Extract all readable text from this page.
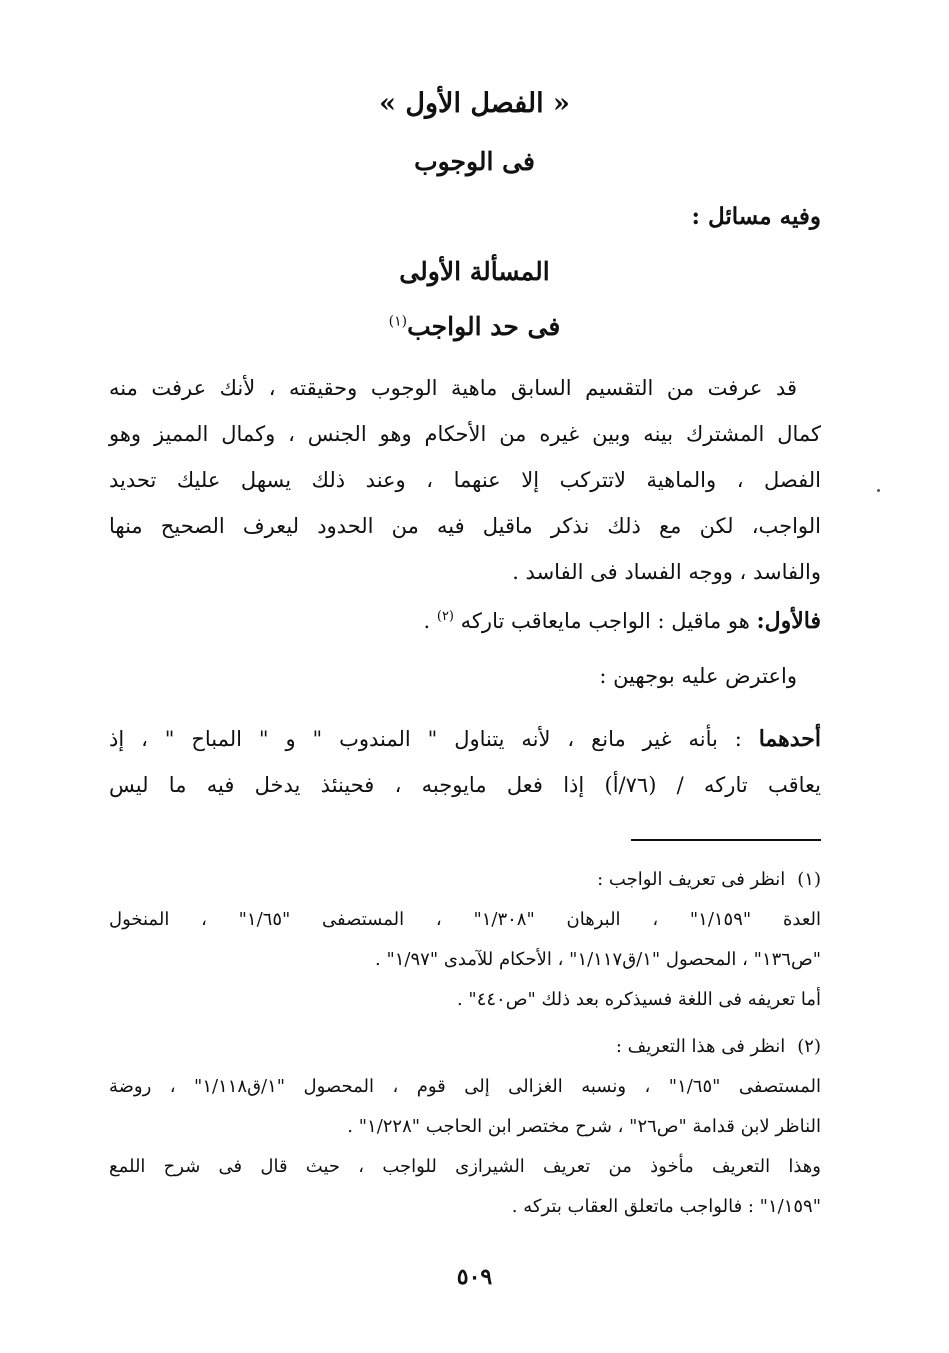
« الفصل الأول »
فى الوجوب
وفيه مسائل :
المسألة الأولى
فى حد الواجب$^{(١)}$
قد عرفت من التقسيم السابق ماهية الوجوب وحقيقته ، لأنك عرفت منه
كمال المشترك بينه وبين غيره من الأحكام وهو الجنس ، وكمال المميز وهو
الفصل ، والماهية لاتتركب إلا عنهما ، وعند ذلك يسهل عليك تحديد
الواجب، لكن مع ذلك نذكر ماقيل فيه من الحدود ليعرف الصحيح منها
والفاسد ، ووجه الفساد فى الفاسد .
فالأول: هو ماقيل : الواجب مايعاقب تاركه $^{(٢)}$ .
واعترض عليه بوجهين :
أحدهما : بأنه غير مانع ، لأنه يتناول " المندوب " و " المباح " ، إذ
يعاقب تاركه / (٧٦/أ) إذا فعل مايوجبه ، فحينئذ يدخل فيه ما ليس
(١)انظر فى تعريف الواجب :
العدة "١/١٥٩" ، البرهان "١/٣٠٨" ، المستصفى "١/٦٥" ، المنخول
"ص١٣٦" ، المحصول "١/ق١/١١٧" ، الأحكام للآمدى "١/٩٧" .
أما تعريفه فى اللغة فسيذكره بعد ذلك "ص٤٤٠" .
(٢)انظر فى هذا التعريف :
المستصفى "١/٦٥" ، ونسبه الغزالى إلى قوم ، المحصول "١/ق١/١١٨" ، روضة
الناظر لابن قدامة "ص٢٦" ، شرح مختصر ابن الحاجب "١/٢٢٨" .
وهذا التعريف مأخوذ من تعريف الشيرازى للواجب ، حيث قال فى شرح اللمع
"١/١٥٩" : فالواجب ماتعلق العقاب بتركه .
٥٠٩
